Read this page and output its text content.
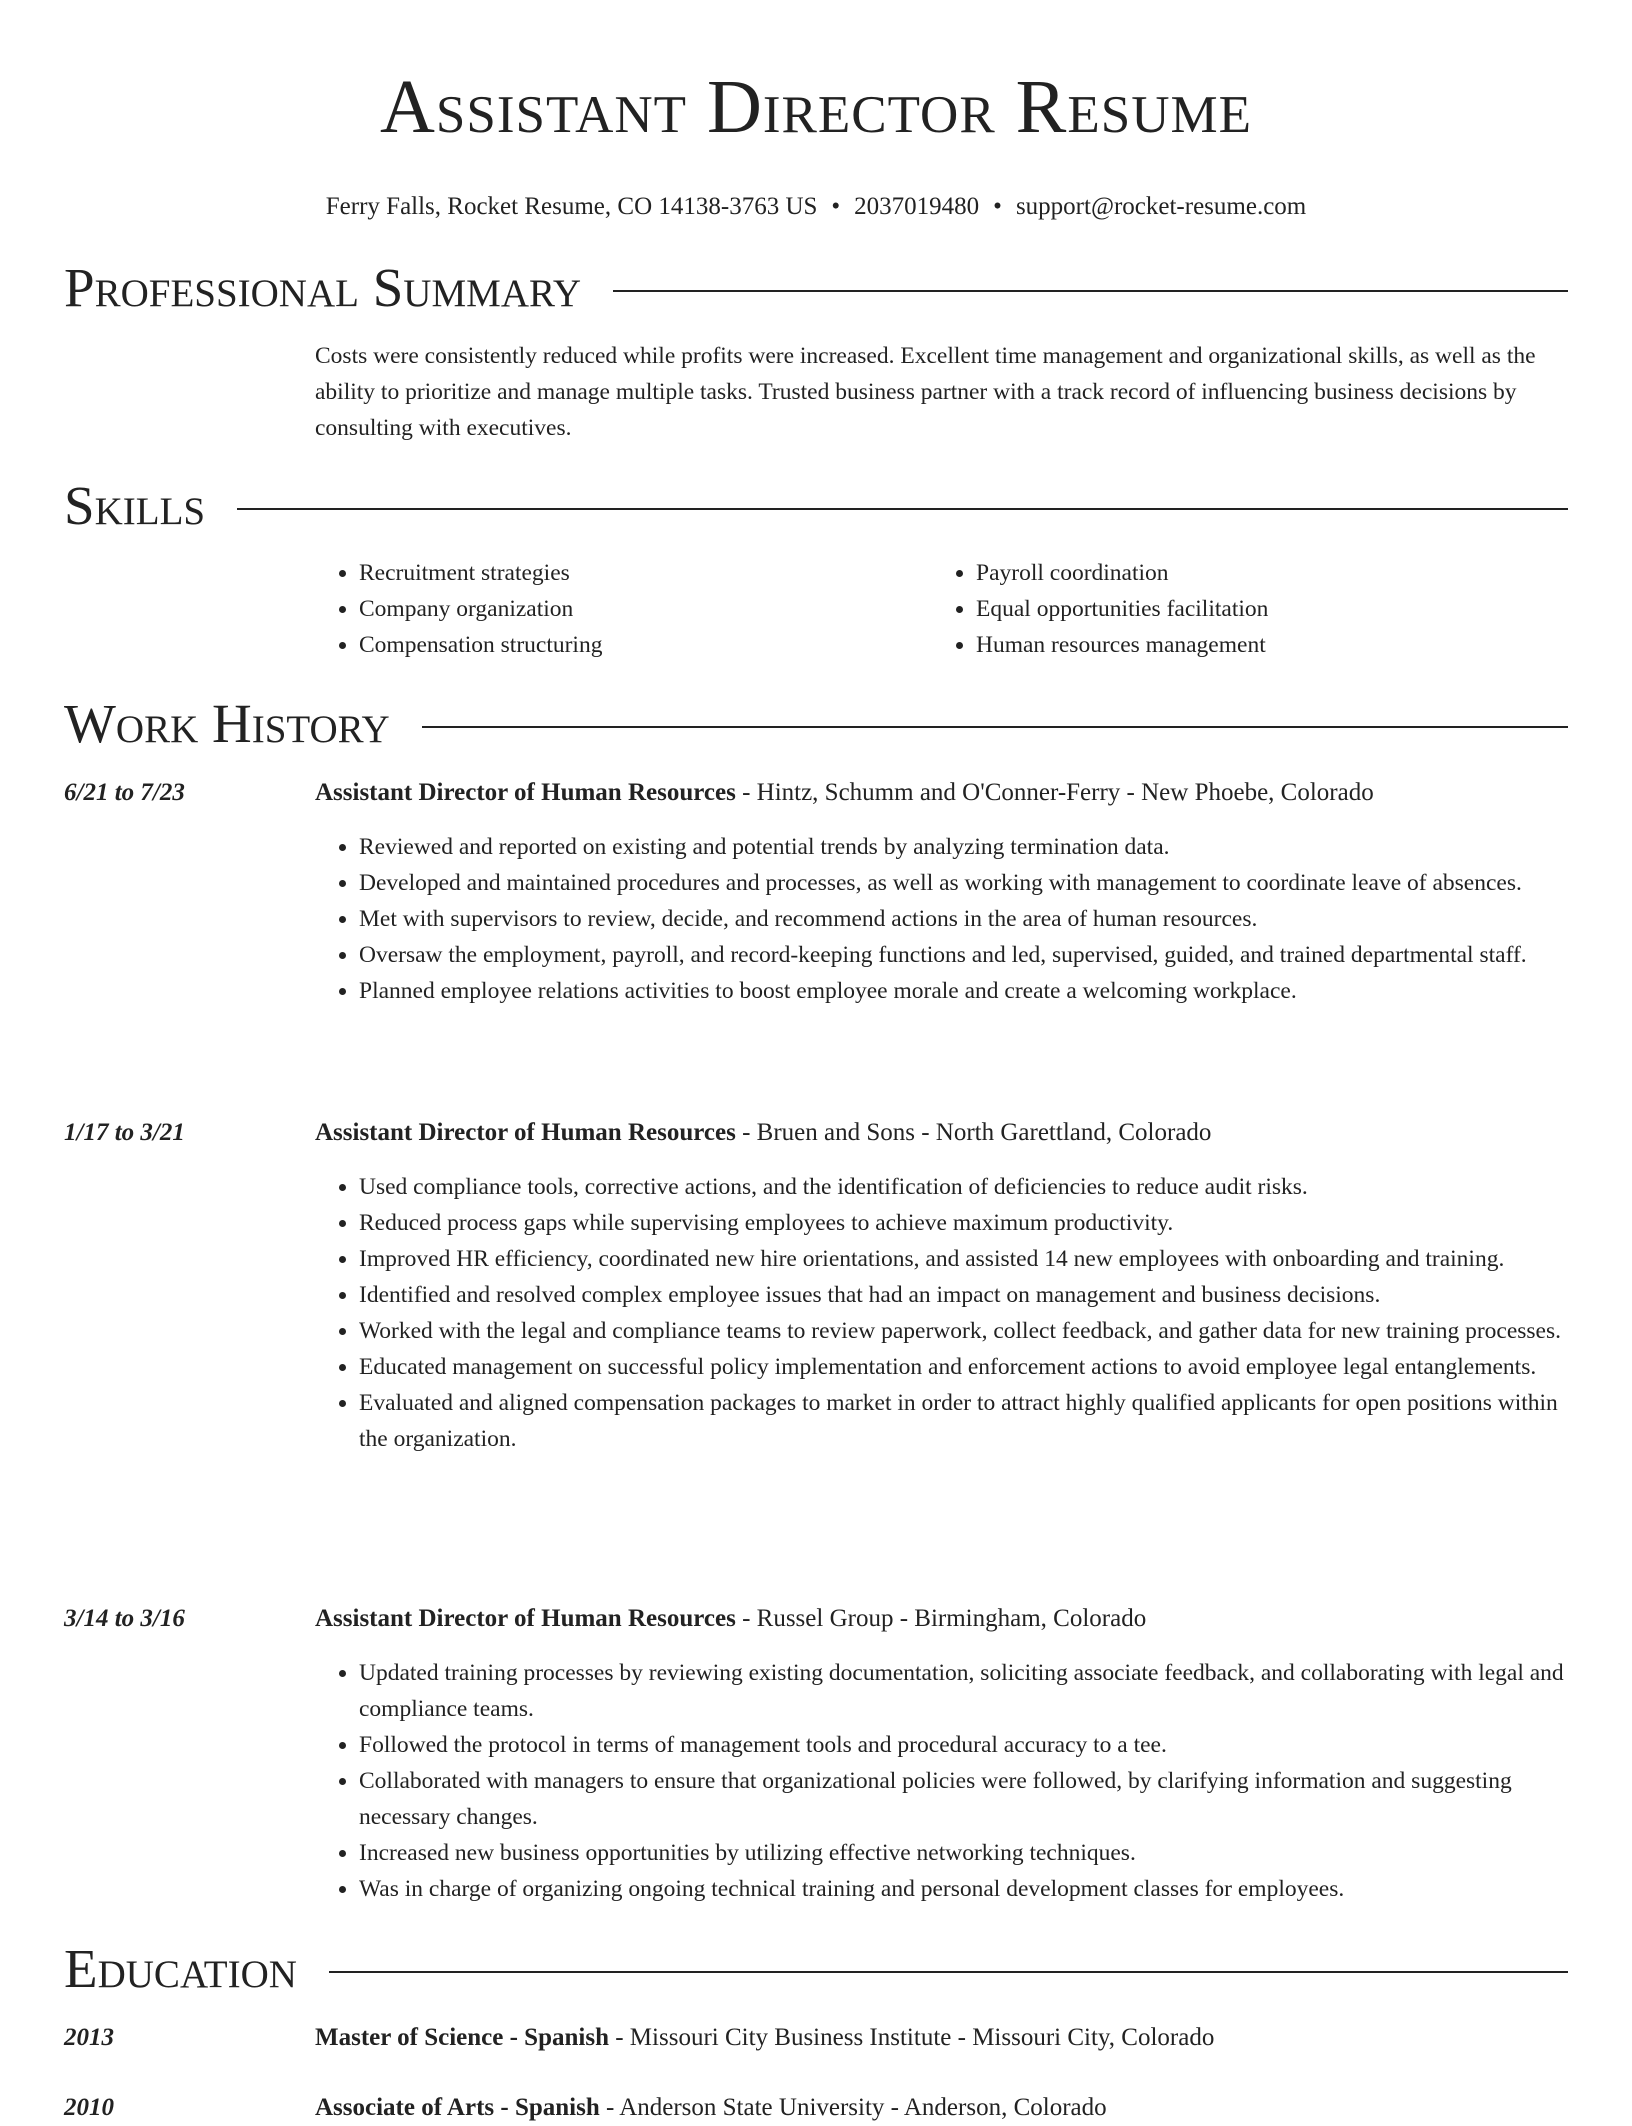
Assistant Director Resume
Ferry Falls, Rocket Resume, CO 14138-3763 US • 2037019480 • support@rocket-resume.com
Professional Summary

Costs were consistently reduced while profits were increased. Excellent time management and organizational skills, as well as the ability to prioritize and manage multiple tasks. Trusted business partner with a track record of influencing business decisions by consulting with executives.

Skills
• Recruitment strategies
• Company organization
• Compensation structuring
• Payroll coordination
• Equal opportunities facilitation
• Human resources management
Work History
6/21 to 7/23	Assistant Director of Human Resources - Hintz, Schumm and O'Conner-Ferry - New Phoebe, Colorado
• Reviewed and reported on existing and potential trends by analyzing termination data.
• Developed and maintained procedures and processes, as well as working with management to coordinate leave of absences.
• Met with supervisors to review, decide, and recommend actions in the area of human resources.
• Oversaw the employment, payroll, and record-keeping functions and led, supervised, guided, and trained departmental staff.
• Planned employee relations activities to boost employee morale and create a welcoming workplace.
1/17 to 3/21	Assistant Director of Human Resources - Bruen and Sons - North Garettland, Colorado
• Used compliance tools, corrective actions, and the identification of deficiencies to reduce audit risks.
• Reduced process gaps while supervising employees to achieve maximum productivity.
• Improved HR efficiency, coordinated new hire orientations, and assisted 14 new employees with onboarding and training.
• Identified and resolved complex employee issues that had an impact on management and business decisions.
• Worked with the legal and compliance teams to review paperwork, collect feedback, and gather data for new training processes.
• Educated management on successful policy implementation and enforcement actions to avoid employee legal entanglements.
• Evaluated and aligned compensation packages to market in order to attract highly qualified applicants for open positions within the organization.
3/14 to 3/16	Assistant Director of Human Resources - Russel Group - Birmingham, Colorado
• Updated training processes by reviewing existing documentation, soliciting associate feedback, and collaborating with legal and compliance teams.
• Followed the protocol in terms of management tools and procedural accuracy to a tee.
• Collaborated with managers to ensure that organizational policies were followed, by clarifying information and suggesting necessary changes.
• Increased new business opportunities by utilizing effective networking techniques.
• Was in charge of organizing ongoing technical training and personal development classes for employees.
Education
2013	Master of Science - Spanish - Missouri City Business Institute - Missouri City, Colorado
2010	Associate of Arts - Spanish - Anderson State University - Anderson, Colorado
